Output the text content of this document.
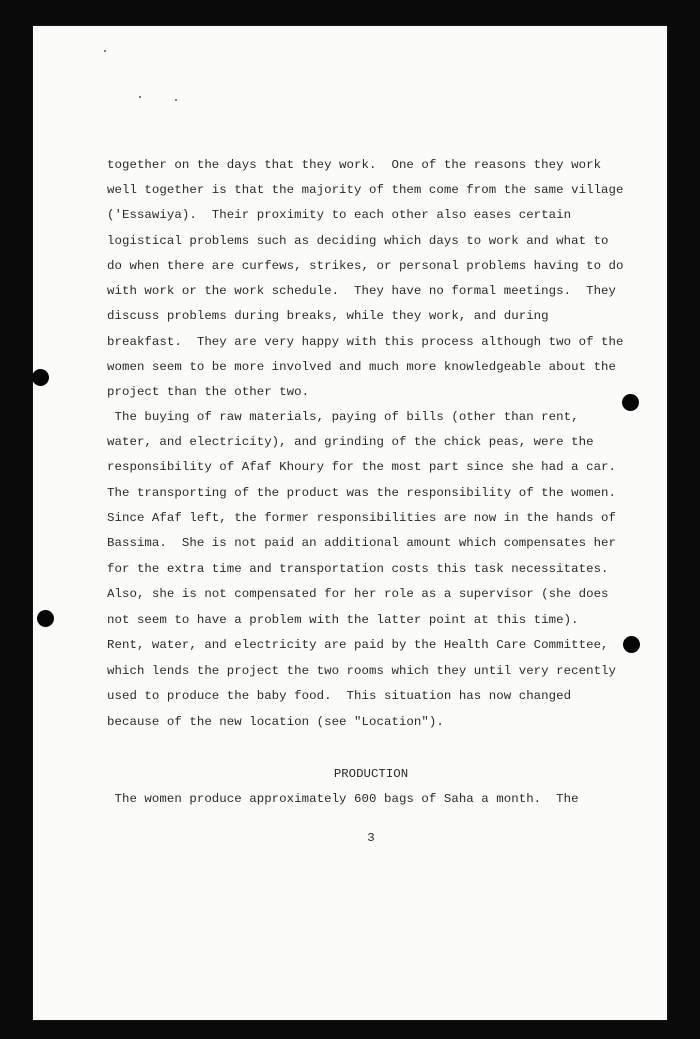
together on the days that they work.  One of the reasons they work
well together is that the majority of them come from the same village
('Essawiya).  Their proximity to each other also eases certain
logistical problems such as deciding which days to work and what to
do when there are curfews, strikes, or personal problems having to do
with work or the work schedule.  They have no formal meetings.  They
discuss problems during breaks, while they work, and during
breakfast.  They are very happy with this process although two of the
women seem to be more involved and much more knowledgeable about the
project than the other two.
The buying of raw materials, paying of bills (other than rent,
water, and electricity), and grinding of the chick peas, were the
responsibility of Afaf Khoury for the most part since she had a car.
The transporting of the product was the responsibility of the women.
Since Afaf left, the former responsibilities are now in the hands of
Bassima.  She is not paid an additional amount which compensates her
for the extra time and transportation costs this task necessitates.
Also, she is not compensated for her role as a supervisor (she does
not seem to have a problem with the latter point at this time).
Rent, water, and electricity are paid by the Health Care Committee,
which lends the project the two rooms which they until very recently
used to produce the baby food.  This situation has now changed
because of the new location (see "Location").
PRODUCTION
The women produce approximately 600 bags of Saha a month.  The
3
